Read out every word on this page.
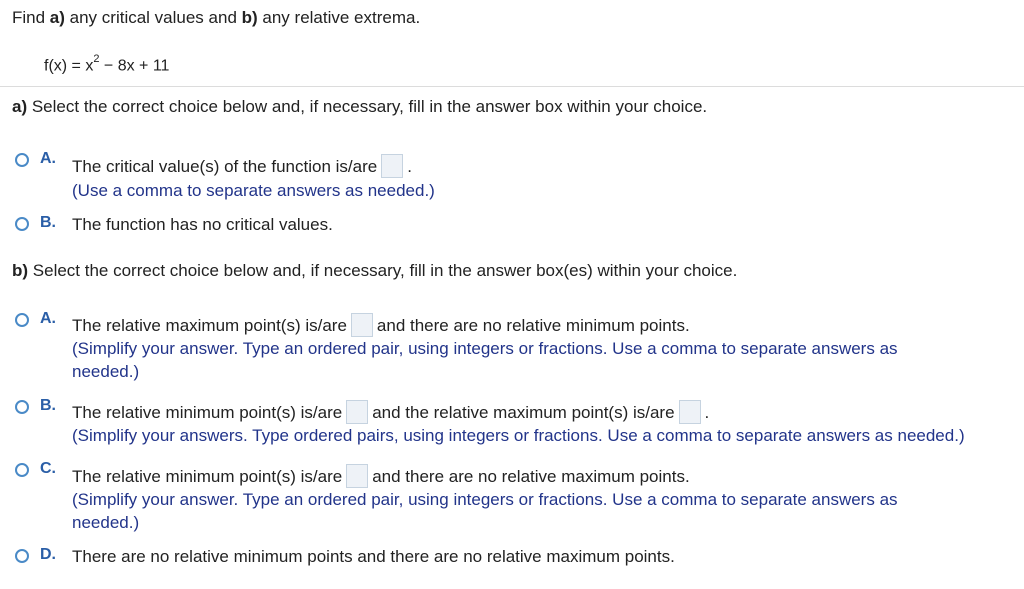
Find a) any critical values and b) any relative extrema.
$f(x) = x^2 - 8x + 11$
a) Select the correct choice below and, if necessary, fill in the answer box within your choice.
A. The critical value(s) of the function is/are .
(Use a comma to separate answers as needed.)
B. The function has no critical values.
b) Select the correct choice below and, if necessary, fill in the answer box(es) within your choice.
A. The relative maximum point(s) is/are and there are no relative minimum points.
(Simplify your answer. Type an ordered pair, using integers or fractions. Use a comma to separate answers as
needed.)
B. The relative minimum point(s) is/are and the relative maximum point(s) is/are .
(Simplify your answers. Type ordered pairs, using integers or fractions. Use a comma to separate answers as needed.)
C. The relative minimum point(s) is/are and there are no relative maximum points.
(Simplify your answer. Type an ordered pair, using integers or fractions. Use a comma to separate answers as
needed.)
D. There are no relative minimum points and there are no relative maximum points.
